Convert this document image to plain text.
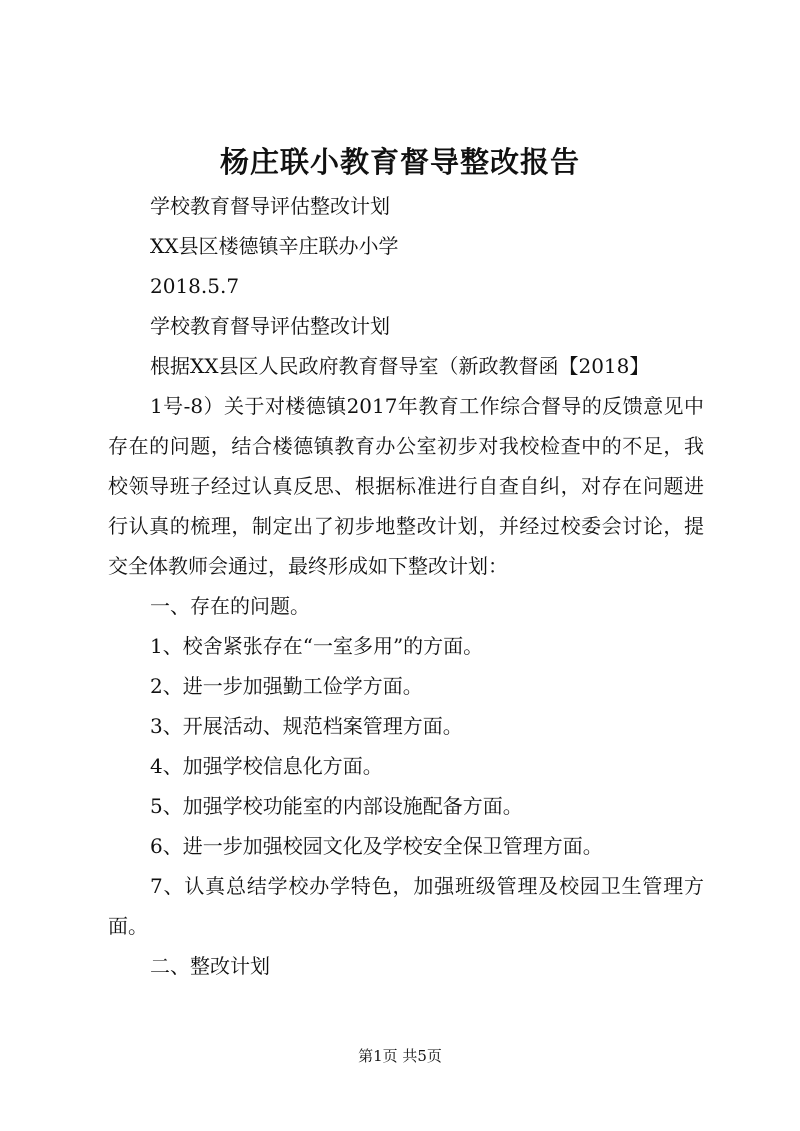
杨庄联小教育督导整改报告

学校教育督导评估整改计划

XX县区楼德镇辛庄联办小学

2018.5.7

学校教育督导评估整改计划

根据XX县区人民政府教育督导室（新政教督函【2018】

1号-8）关于对楼德镇2017年教育工作综合督导的反馈意见中存在的问题，结合楼德镇教育办公室初步对我校检查中的不足，我校领导班子经过认真反思、根据标准进行自查自纠，对存在问题进行认真的梳理，制定出了初步地整改计划，并经过校委会讨论，提交全体教师会通过，最终形成如下整改计划：

一、存在的问题。

1、校舍紧张存在“一室多用”的方面。

2、进一步加强勤工俭学方面。

3、开展活动、规范档案管理方面。

4、加强学校信息化方面。

5、加强学校功能室的内部设施配备方面。

6、进一步加强校园文化及学校安全保卫管理方面。

7、认真总结学校办学特色，加强班级管理及校园卫生管理方面。

二、整改计划

第1页 共5页
